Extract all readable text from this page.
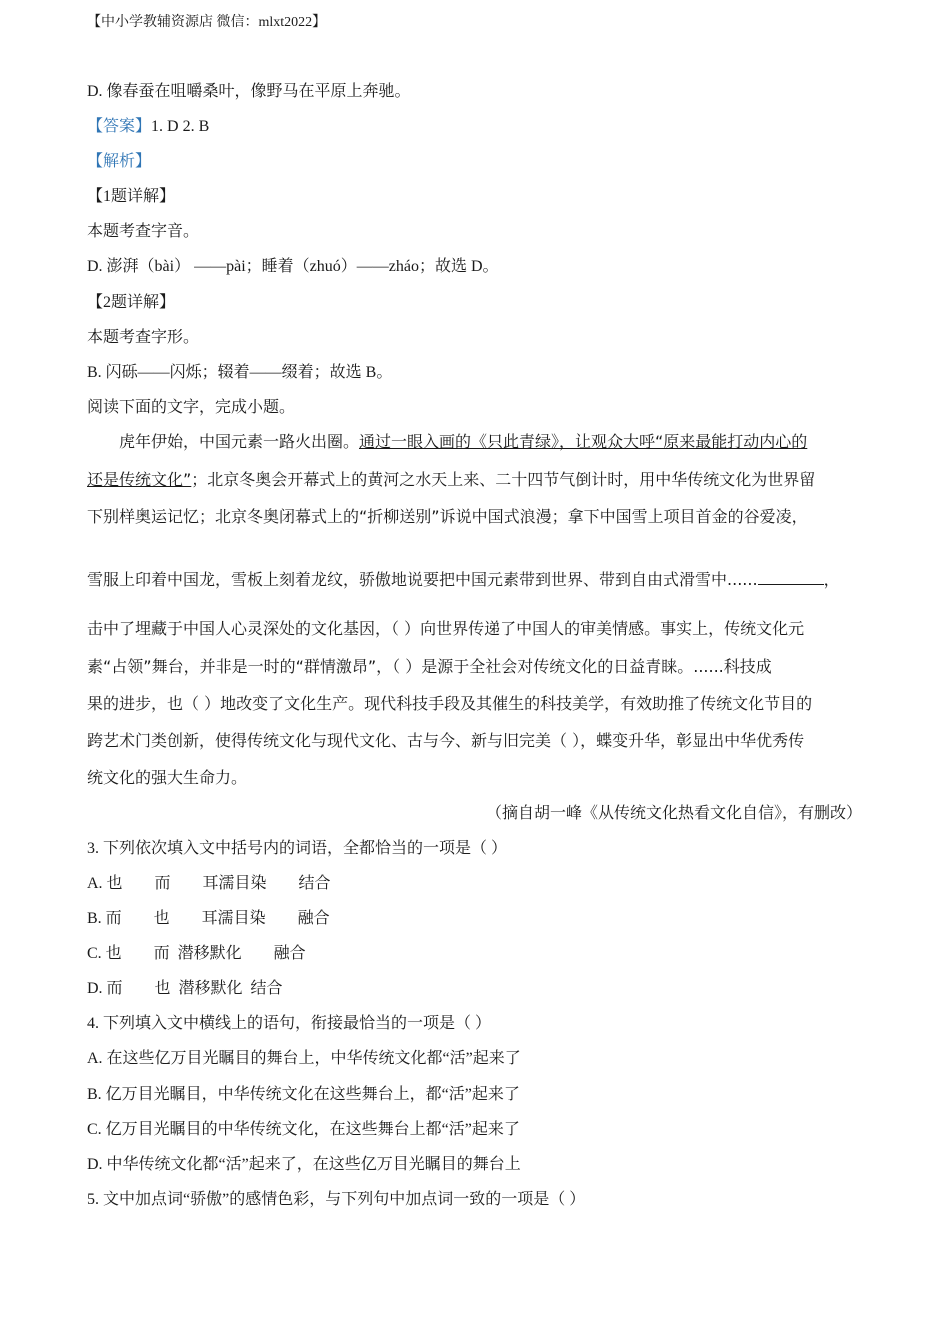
【中小学教辅资源店 微信：mlxt2022】
D. 像春蚕在咀嚼桑叶，像野马在平原上奔驰。
【答案】1. D 2. B
【解析】
【1题详解】
本题考查字音。
D. 澎湃（bài） ——pài；睡着（zhuó）——zháo；故选 D。
【2题详解】
本题考查字形。
B. 闪砾——闪烁；辍着——缀着；故选 B。
阅读下面的文字，完成小题。
虎年伊始，中国元素一路火出圈。通过一眼入画的《只此青绿》，让观众大呼“原来最能打动内心的
还是传统文化”；北京冬奥会开幕式上的黄河之水天上来、二十四节气倒计时，用中华传统文化为世界留
下别样奥运记忆；北京冬奥闭幕式上的“折柳送别”诉说中国式浪漫；拿下中国雪上项目首金的谷爱凌，
雪服上印着中国龙，雪板上刻着龙纹，骄傲地说要把中国元素带到世界、带到自由式滑雪中......	，
击中了埋藏于中国人心灵深处的文化基因，（ ）向世界传递了中国人的审美情感。事实上，传统文化元
素“占领”舞台，并非是一时的“群情激昂”，（ ）是源于全社会对传统文化的日益青睐。......科技成
果的进步，也（ ）地改变了文化生产。现代科技手段及其催生的科技美学，有效助推了传统文化节目的
跨艺术门类创新，使得传统文化与现代文化、古与今、新与旧完美（ ），蝶变升华，彰显出中华优秀传
统文化的强大生命力。
（摘自胡一峰《从传统文化热看文化自信》，有删改）
3. 下列依次填入文中括号内的词语，全都恰当的一项是（ ）
A. 也        而        耳濡目染        结合
B. 而        也        耳濡目染        融合
C. 也        而  潜移默化        融合
D. 而        也  潜移默化  结合
4. 下列填入文中横线上的语句，衔接最恰当的一项是（ ）
A. 在这些亿万目光瞩目的舞台上，中华传统文化都“活”起来了
B. 亿万目光瞩目，中华传统文化在这些舞台上，都“活”起来了
C. 亿万目光瞩目的中华传统文化，在这些舞台上都“活”起来了
D. 中华传统文化都“活”起来了，在这些亿万目光瞩目的舞台上
5. 文中加点词“骄傲”的感情色彩，与下列句中加点词一致的一项是（ ）
